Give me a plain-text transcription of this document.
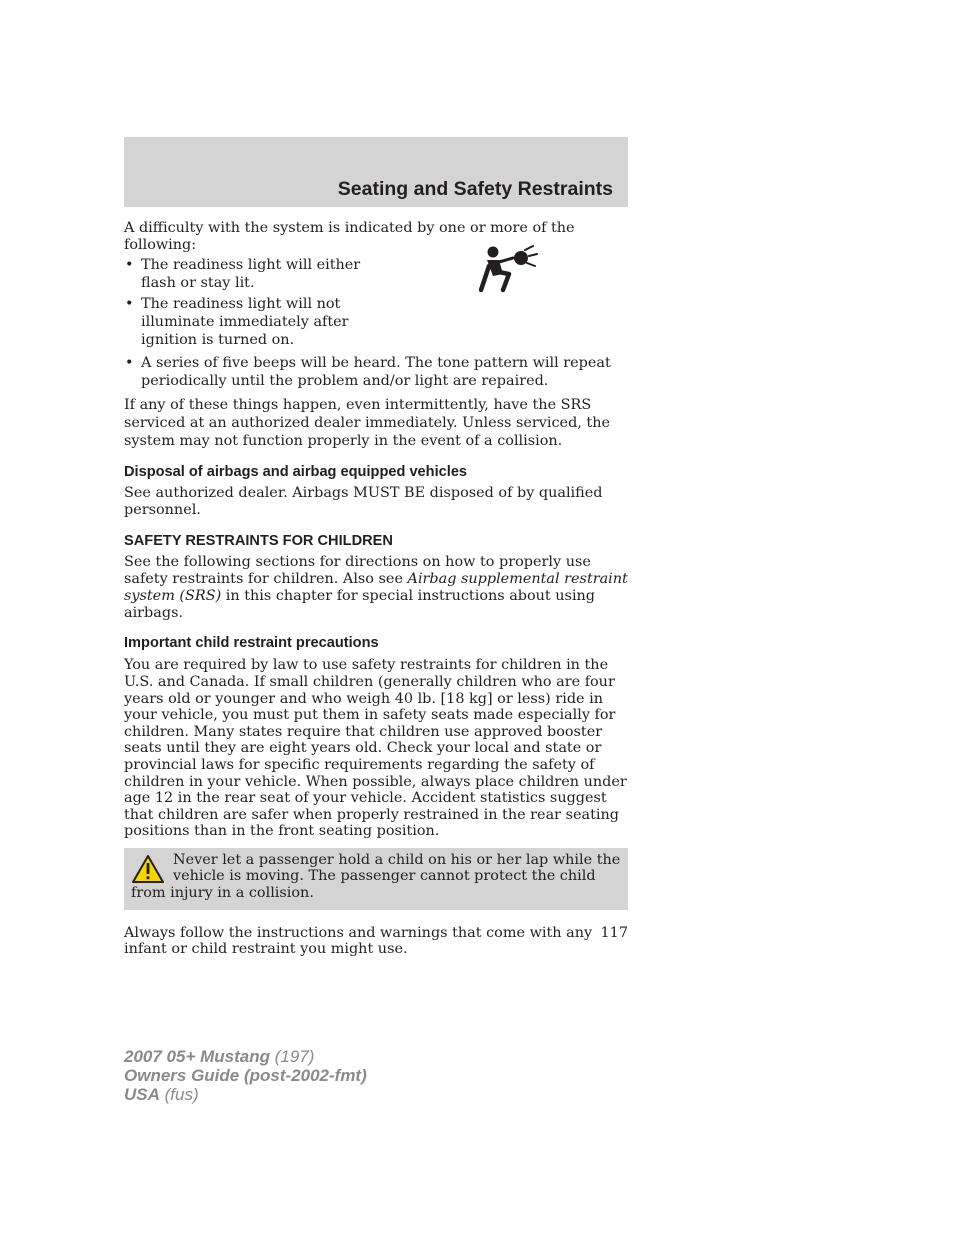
Seating and Safety Restraints

A difficulty with the system is indicated by one or more of the following:

• The readiness light will either flash or stay lit.
• The readiness light will not illuminate immediately after ignition is turned on.
• A series of five beeps will be heard. The tone pattern will repeat periodically until the problem and/or light are repaired.

If any of these things happen, even intermittently, have the SRS serviced at an authorized dealer immediately. Unless serviced, the system may not function properly in the event of a collision.

Disposal of airbags and airbag equipped vehicles

See authorized dealer. Airbags MUST BE disposed of by qualified personnel.

SAFETY RESTRAINTS FOR CHILDREN

See the following sections for directions on how to properly use safety restraints for children. Also see Airbag supplemental restraint system (SRS) in this chapter for special instructions about using airbags.

Important child restraint precautions

You are required by law to use safety restraints for children in the U.S. and Canada. If small children (generally children who are four years old or younger and who weigh 40 lb. [18 kg] or less) ride in your vehicle, you must put them in safety seats made especially for children. Many states require that children use approved booster seats until they are eight years old. Check your local and state or provincial laws for specific requirements regarding the safety of children in your vehicle. When possible, always place children under age 12 in the rear seat of your vehicle. Accident statistics suggest that children are safer when properly restrained in the rear seating positions than in the front seating position.

Never let a passenger hold a child on his or her lap while the vehicle is moving. The passenger cannot protect the child from injury in a collision.

Always follow the instructions and warnings that come with any infant or child restraint you might use.

117
2007 05+ Mustang (197)
Owners Guide (post-2002-fmt)
USA (fus)
